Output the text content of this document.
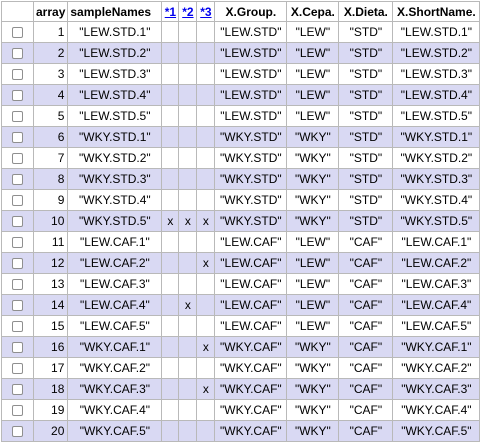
	array	sampleNames	*1	*2	*3	X.Group.	X.Cepa.	X.Dieta.	X.ShortName.
	1	"LEW.STD.1"				"LEW.STD"	"LEW"	"STD"	"LEW.STD.1"
	2	"LEW.STD.2"				"LEW.STD"	"LEW"	"STD"	"LEW.STD.2"
	3	"LEW.STD.3"				"LEW.STD"	"LEW"	"STD"	"LEW.STD.3"
	4	"LEW.STD.4"				"LEW.STD"	"LEW"	"STD"	"LEW.STD.4"
	5	"LEW.STD.5"				"LEW.STD"	"LEW"	"STD"	"LEW.STD.5"
	6	"WKY.STD.1"				"WKY.STD"	"WKY"	"STD"	"WKY.STD.1"
	7	"WKY.STD.2"				"WKY.STD"	"WKY"	"STD"	"WKY.STD.2"
	8	"WKY.STD.3"				"WKY.STD"	"WKY"	"STD"	"WKY.STD.3"
	9	"WKY.STD.4"				"WKY.STD"	"WKY"	"STD"	"WKY.STD.4"
	10	"WKY.STD.5"	x	x	x	"WKY.STD"	"WKY"	"STD"	"WKY.STD.5"
	11	"LEW.CAF.1"				"LEW.CAF"	"LEW"	"CAF"	"LEW.CAF.1"
	12	"LEW.CAF.2"			x	"LEW.CAF"	"LEW"	"CAF"	"LEW.CAF.2"
	13	"LEW.CAF.3"				"LEW.CAF"	"LEW"	"CAF"	"LEW.CAF.3"
	14	"LEW.CAF.4"		x		"LEW.CAF"	"LEW"	"CAF"	"LEW.CAF.4"
	15	"LEW.CAF.5"				"LEW.CAF"	"LEW"	"CAF"	"LEW.CAF.5"
	16	"WKY.CAF.1"			x	"WKY.CAF"	"WKY"	"CAF"	"WKY.CAF.1"
	17	"WKY.CAF.2"				"WKY.CAF"	"WKY"	"CAF"	"WKY.CAF.2"
	18	"WKY.CAF.3"			x	"WKY.CAF"	"WKY"	"CAF"	"WKY.CAF.3"
	19	"WKY.CAF.4"				"WKY.CAF"	"WKY"	"CAF"	"WKY.CAF.4"
	20	"WKY.CAF.5"				"WKY.CAF"	"WKY"	"CAF"	"WKY.CAF.5"
